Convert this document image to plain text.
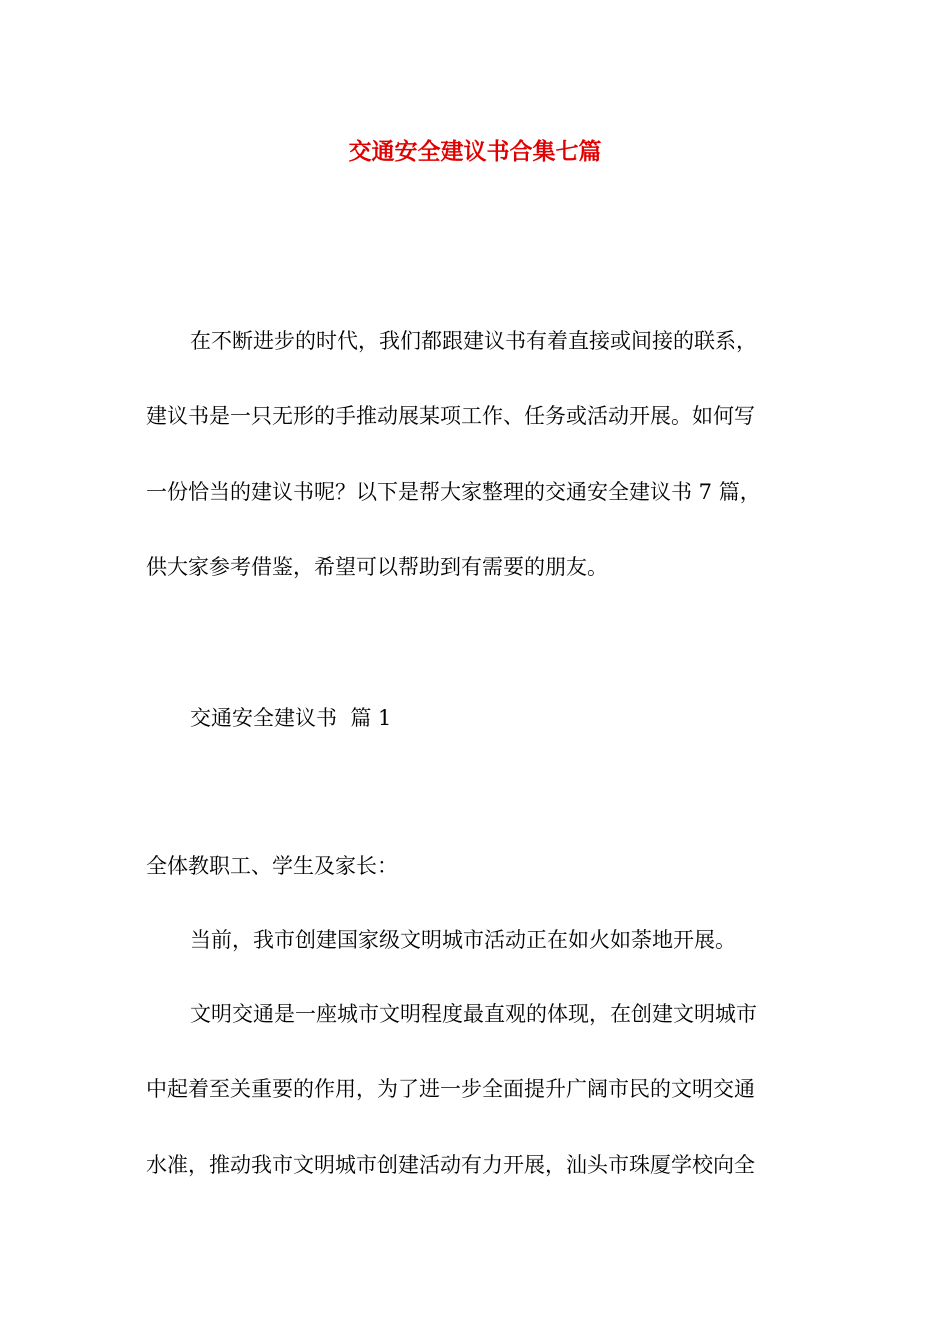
交通安全建议书合集七篇

在不断进步的时代，我们都跟建议书有着直接或间接的联系，

建议书是一只无形的手推动展某项工作、任务或活动开展。如何写

一份恰当的建议书呢？以下是帮大家整理的交通安全建议书 7 篇，

供大家参考借鉴，希望可以帮助到有需要的朋友。

交通安全建议书  篇 1

全体教职工、学生及家长：

当前，我市创建国家级文明城市活动正在如火如荼地开展。

文明交通是一座城市文明程度最直观的体现，在创建文明城市

中起着至关重要的作用，为了进一步全面提升广阔市民的文明交通

水准，推动我市文明城市创建活动有力开展，汕头市珠厦学校向全
